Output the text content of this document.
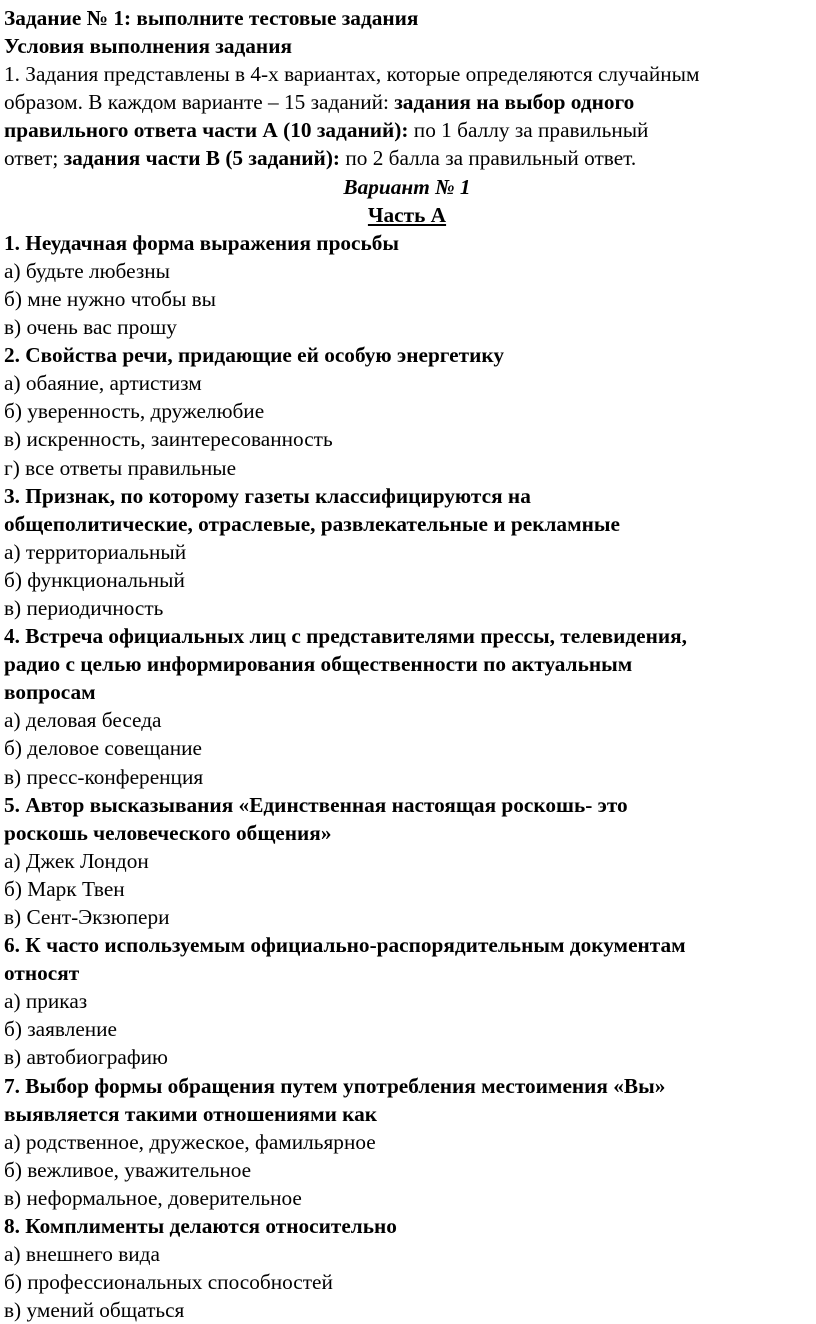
Задание № 1: выполните тестовые задания
Условия выполнения задания
1. Задания представлены в 4-х вариантах, которые определяются случайным
образом. В каждом варианте – 15 заданий: задания на выбор одного
правильного ответа части А (10 заданий): по 1 баллу за правильный
ответ; задания части В (5 заданий): по 2 балла за правильный ответ.
Вариант № 1
Часть А
1. Неудачная форма выражения просьбы
а) будьте любезны
б) мне нужно чтобы вы
в) очень вас прошу
2. Свойства речи, придающие ей особую энергетику
а) обаяние, артистизм
б) уверенность, дружелюбие
в) искренность, заинтересованность
г) все ответы правильные
3. Признак, по которому газеты классифицируются на
общеполитические, отраслевые, развлекательные и рекламные
а) территориальный
б) функциональный
в) периодичность
4. Встреча официальных лиц с представителями прессы, телевидения,
радио с целью информирования общественности по актуальным
вопросам
а) деловая беседа
б) деловое совещание
в) пресс-конференция
5. Автор высказывания «Единственная настоящая роскошь- это
роскошь человеческого общения»
а) Джек Лондон
б) Марк Твен
в) Сент-Экзюпери
6. К часто используемым официально-распорядительным документам
относят
а) приказ
б) заявление
в) автобиографию
7. Выбор формы обращения путем употребления местоимения «Вы»
выявляется такими отношениями как
а) родственное, дружеское, фамильярное
б) вежливое, уважительное
в) неформальное, доверительное
8. Комплименты делаются относительно
а) внешнего вида
б) профессиональных способностей
в) умений общаться
